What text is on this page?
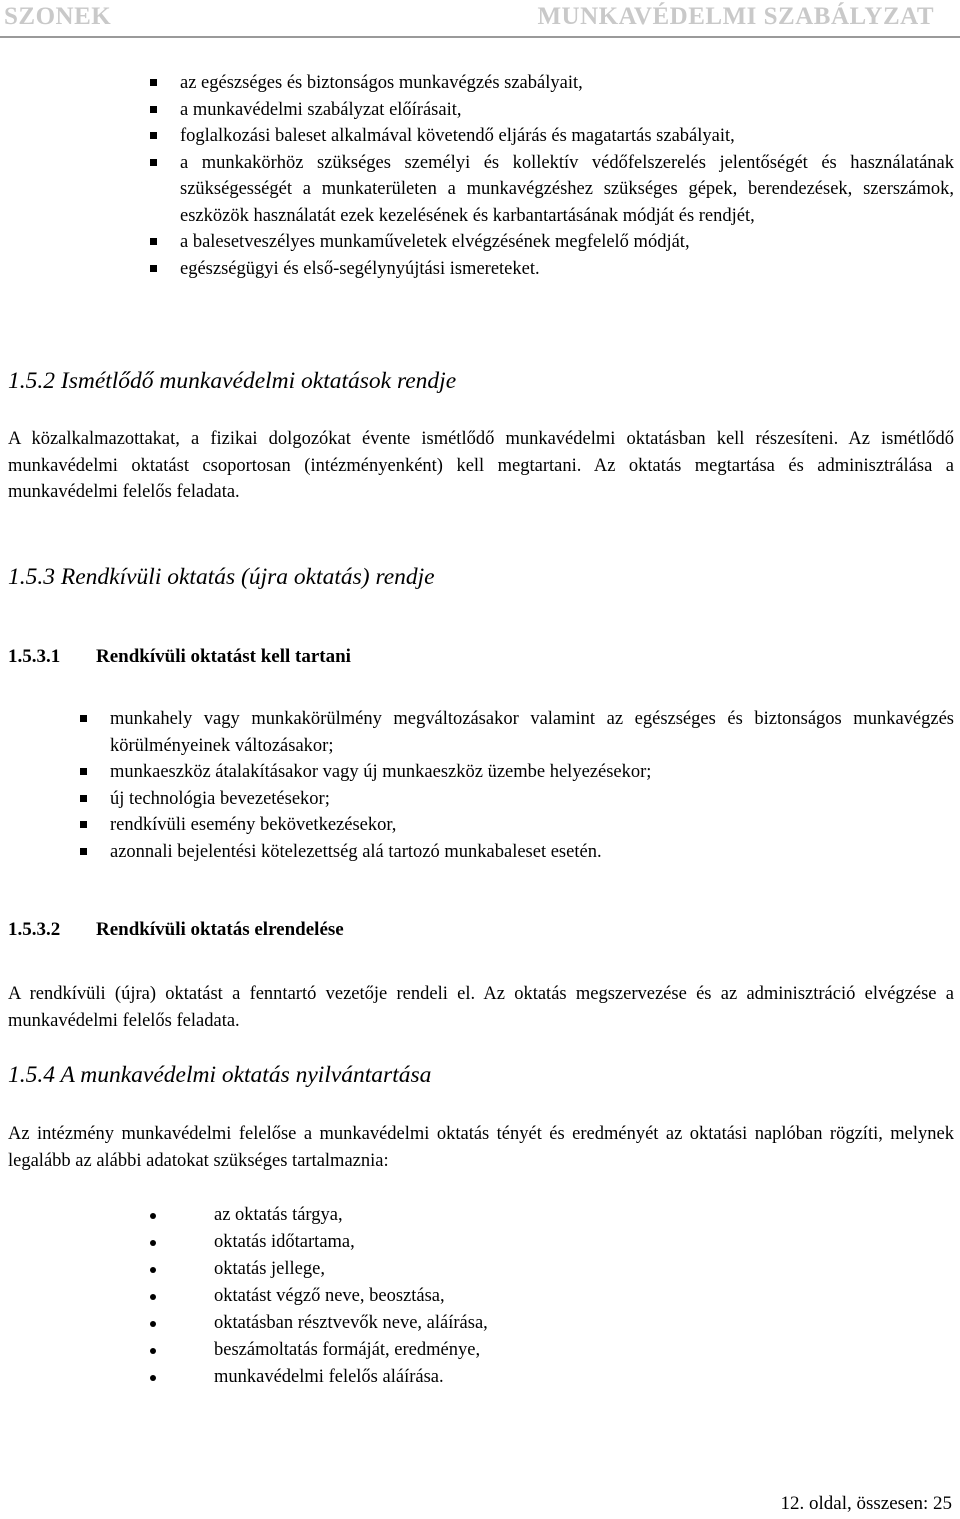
SZONEK	MUNKAVÉDELMI SZABÁLYZAT
az egészséges és biztonságos munkavégzés szabályait,
a munkavédelmi szabályzat előírásait,
foglalkozási baleset alkalmával követendő eljárás és magatartás szabályait,
a munkakörhöz szükséges személyi és kollektív védőfelszerelés jelentőségét és használatának szükségességét a munkaterületen a munkavégzéshez szükséges gépek, berendezések, szerszámok, eszközök használatát ezek kezelésének és karbantartásának módját és rendjét,
a balesetveszélyes munkaműveletek elvégzésének megfelelő módját,
egészségügyi és első-segélynyújtási ismereteket.
1.5.2 Ismétlődő munkavédelmi oktatások rendje
A közalkalmazottakat, a fizikai dolgozókat évente ismétlődő munkavédelmi oktatásban kell részesíteni. Az ismétlődő munkavédelmi oktatást csoportosan (intézményenként) kell megtartani. Az oktatás megtartása és adminisztrálása a munkavédelmi felelős feladata.
1.5.3 Rendkívüli oktatás (újra oktatás) rendje
1.5.3.1 Rendkívüli oktatást kell tartani
munkahely vagy munkakörülmény megváltozásakor valamint az egészséges és biztonságos munkavégzés körülményeinek változásakor;
munkaeszköz átalakításakor vagy új munkaeszköz üzembe helyezésekor;
új technológia bevezetésekor;
rendkívüli esemény bekövetkezésekor,
azonnali bejelentési kötelezettség alá tartozó munkabaleset esetén.
1.5.3.2 Rendkívüli oktatás elrendelése
A rendkívüli (újra) oktatást a fenntartó vezetője rendeli el. Az oktatás megszervezése és az adminisztráció elvégzése a munkavédelmi felelős feladata.
1.5.4 A munkavédelmi oktatás nyilvántartása
Az intézmény munkavédelmi felelőse a munkavédelmi oktatás tényét és eredményét az oktatási naplóban rögzíti, melynek legalább az alábbi adatokat szükséges tartalmaznia:
az oktatás tárgya,
oktatás időtartama,
oktatás jellege,
oktatást végző neve, beosztása,
oktatásban résztvevők neve, aláírása,
beszámoltatás formáját, eredménye,
munkavédelmi felelős aláírása.
12. oldal, összesen: 25
